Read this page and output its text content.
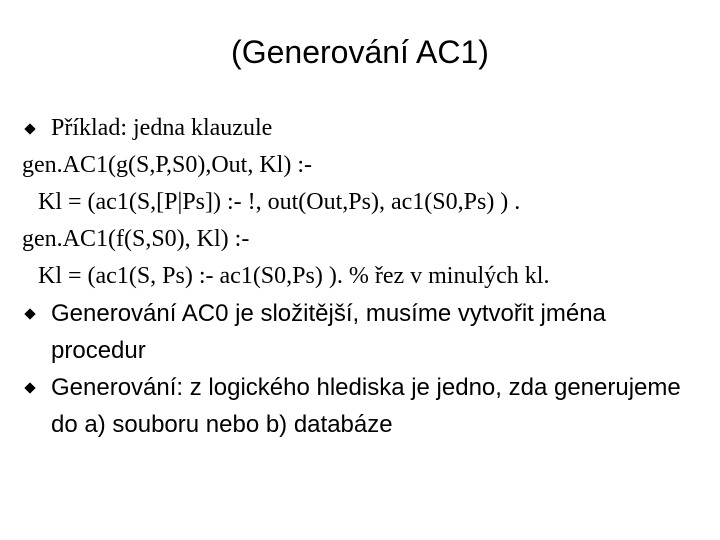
(Generování AC1)
Příklad: jedna klauzule
gen.AC1(g(S,P,S0),Out, Kl) :-
Kl = (ac1(S,[P|Ps]) :- !, out(Out,Ps), ac1(S0,Ps) ) .
gen.AC1(f(S,S0), Kl) :-
Kl = (ac1(S, Ps) :- ac1(S0,Ps) ). % řez v minulých kl.
Generování AC0 je složitější, musíme vytvořit jména procedur
Generování: z logického hlediska je jedno, zda generujeme do a) souboru nebo b) databáze
